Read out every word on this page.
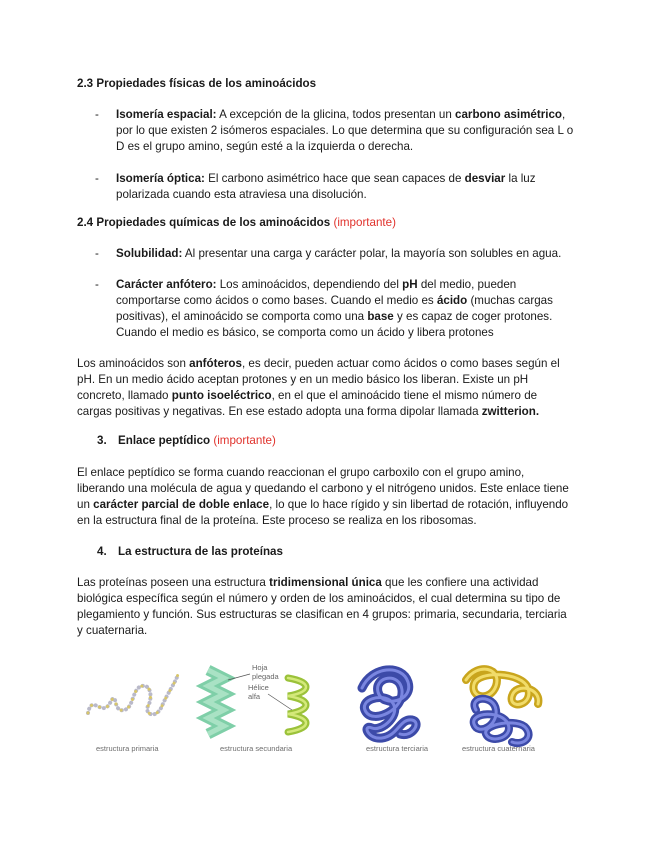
2.3 Propiedades físicas de los aminoácidos
- Isomería espacial: A excepción de la glicina, todos presentan un carbono asimétrico, por lo que existen 2 isómeros espaciales. Lo que determina que su configuración sea L o D es el grupo amino, según esté a la izquierda o derecha.
- Isomería óptica: El carbono asimétrico hace que sean capaces de desviar la luz polarizada cuando esta atraviesa una disolución.
2.4 Propiedades químicas de los aminoácidos (importante)
- Solubilidad: Al presentar una carga y carácter polar, la mayoría son solubles en agua.
- Carácter anfótero: Los aminoácidos, dependiendo del pH del medio, pueden comportarse como ácidos o como bases. Cuando el medio es ácido (muchas cargas positivas), el aminoácido se comporta como una base y es capaz de coger protones. Cuando el medio es básico, se comporta como un ácido y libera protones
Los aminoácidos son anfóteros, es decir, pueden actuar como ácidos o como bases según el pH. En un medio ácido aceptan protones y en un medio básico los liberan. Existe un pH concreto, llamado punto isoeléctrico, en el que el aminoácido tiene el mismo número de cargas positivas y negativas. En ese estado adopta una forma dipolar llamada zwitterion.
3. Enlace peptídico (importante)
El enlace peptídico se forma cuando reaccionan el grupo carboxilo con el grupo amino, liberando una molécula de agua y quedando el carbono y el nitrógeno unidos. Este enlace tiene un carácter parcial de doble enlace, lo que lo hace rígido y sin libertad de rotación, influyendo en la estructura final de la proteína. Este proceso se realiza en los ribosomas.
4. La estructura de las proteínas
Las proteínas poseen una estructura tridimensional única que les confiere una actividad biológica específica según el número y orden de los aminoácidos, el cual determina su tipo de plegamiento y función. Sus estructuras se clasifican en 4 grupos: primaria, secundaria, terciaria y cuaternaria.
Hoja
plegada
Hélice
alfa
estructura primaria	estructura secundaria	estructura terciaria	estructura cuaternaria
